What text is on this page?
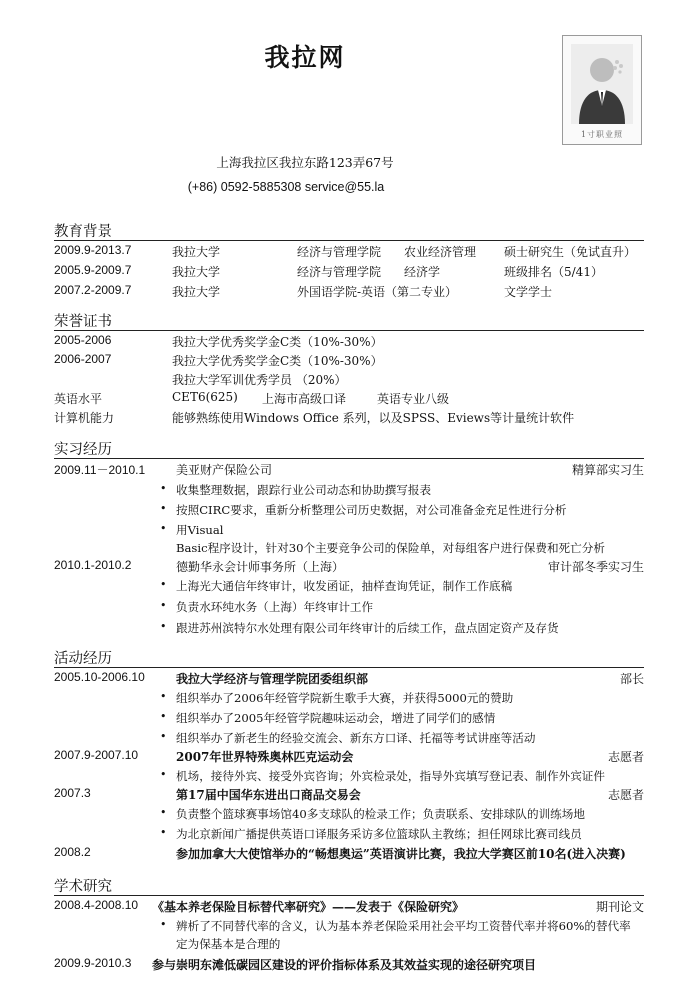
我拉网
上海我拉区我拉东路123弄67号
(+86) 0592-5885308 service@55.la
1寸职业照
教育背景
2009.9-2013.7	我拉大学	经济与管理学院 农业经济管理 硕士研究生（免试直升）
2005.9-2009.7	我拉大学	经济与管理学院 经济学	班级排名（5/41）
2007.2-2009.7	我拉大学	外国语学院-英语（第二专业）	文学学士
荣誉证书
2005-2006	我拉大学优秀奖学金C类（10%-30%）
2006-2007	我拉大学优秀奖学金C类（10%-30%）
我拉大学军训优秀学员 （20%）
英语水平	CET6(625) 上海市高级口译	英语专业八级
计算机能力	能够熟练使用Windows Office 系列，以及SPSS、Eviews等计量统计软件
实习经历
2009.11－2010.1	美亚财产保险公司	精算部实习生
• 收集整理数据，跟踪行业公司动态和协助撰写报表
• 按照CIRC要求，重新分析整理公司历史数据，对公司准备金充足性进行分析
• 用Visual
Basic程序设计，针对30个主要竞争公司的保险单，对每组客户进行保费和死亡分析
2010.1-2010.2	德勤华永会计师事务所（上海）	审计部冬季实习生
• 上海光大通信年终审计，收发函证，抽样查询凭证，制作工作底稿
• 负责水环纯水务（上海）年终审计工作
• 跟进苏州滨特尔水处理有限公司年终审计的后续工作，盘点固定资产及存货
活动经历
2005.10-2006.10	我拉大学经济与管理学院团委组织部	部长
• 组织举办了2006年经管学院新生歌手大赛，并获得5000元的赞助
• 组织举办了2005年经管学院趣味运动会，增进了同学们的感情
• 组织举办了新老生的经验交流会、新东方口译、托福等考试讲座等活动
2007.9-2007.10	2007年世界特殊奥林匹克运动会	志愿者
• 机场，接待外宾、接受外宾咨询；外宾检录处，指导外宾填写登记表、制作外宾证件
2007.3	第17届中国华东进出口商品交易会	志愿者
• 负责整个篮球赛事场馆40多支球队的检录工作；负责联系、安排球队的训练场地
• 为北京新闻广播提供英语口译服务采访多位篮球队主教练；担任网球比赛司线员
2008.2	参加加拿大大使馆举办的“畅想奥运”英语演讲比赛，我拉大学赛区前10名(进入决赛)
学术研究
2008.4-2008.10 《基本养老保险目标替代率研究》——发表于《保险研究》	期刊论文
• 辨析了不同替代率的含义，认为基本养老保险采用社会平均工资替代率并将60%的替代率
定为保基本是合理的
2009.9-2010.3 参与崇明东滩低碳园区建设的评价指标体系及其效益实现的途径研究项目
